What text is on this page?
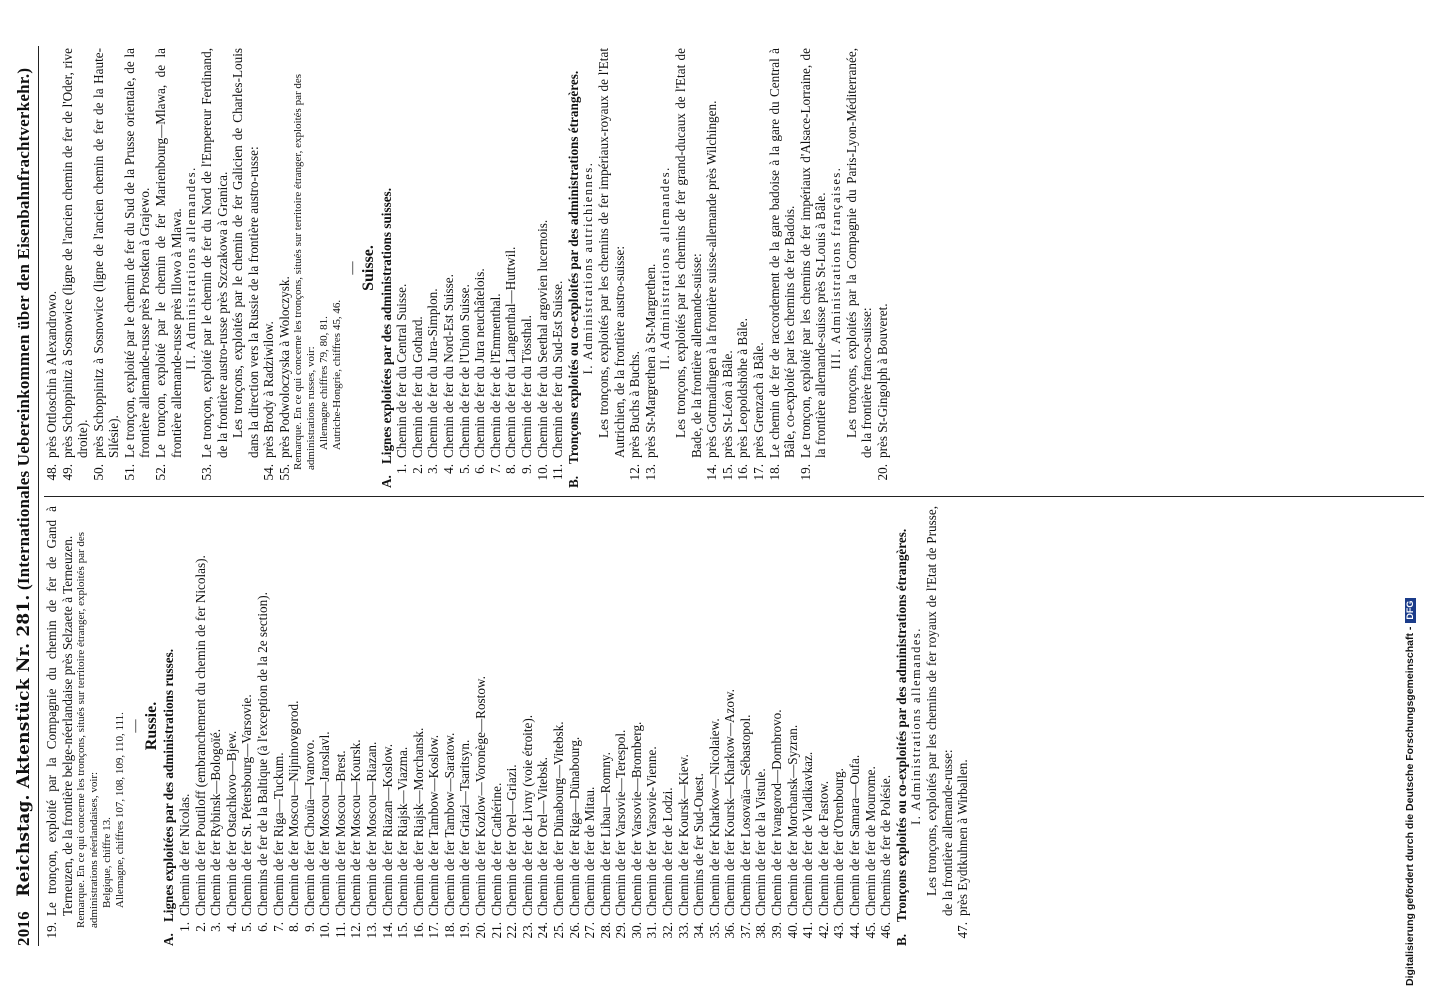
2016 Reichstag. Aktenstück Nr. 281. (Internationales Uebereinkommen über den Eisenbahnfrachtverkehr.)
19.
Le tronçon, exploité par la Compagnie du chemin de fer de Gand à Terneuzen, de la frontière belge-néerlandaise près Selzaete à Terneuzen. Remarque. En ce qui concerne les tronçons, situés sur territoire étranger, exploités par des administrations néerlandaises, voir: Belgique, chiffre 13. Allemagne, chiffres 107, 108, 109, 110, 111. — Russie.

A.
Lignes exploitées par des administrations russes.
1.
Chemin de fer Nicolas.
2.
Chemin de fer Poutiloff (embranchement du chemin de fer Nicolas).
3.
Chemin de fer Rybinsk—Bologoïé.
4.
Chemin de fer Ostachkovo—Bjew.
5.
Chemin de fer St. Pétersbourg—Varsovie.
6.
Chemins de fer de la Baltique (à l'exception de la 2e section).
7.
Chemin de fer Riga—Tuckum.
8.
Chemin de fer Moscou—Nijninovgorod.
9.
Chemin de fer Chouïa—Ivanovo.
10.
Chemin de fer Moscou—Jaroslavl.
11.
Chemin de fer Moscou—Brest.
12.
Chemin de fer Moscou—Koursk.
13.
Chemin de fer Moscou—Riazan.
14.
Chemin de fer Riazan—Koslow.
15.
Chemin de fer Riajsk—Viazma.
16.
Chemin de fer Riajsk—Morchansk.
17.
Chemin de fer Tambow—Koslow.
18.
Chemin de fer Tambow—Saratow.
19.
Chemin de fer Griazi—Tsaritsyn.
20.
Chemin de fer Kozlow—Voronège—Rostow.
21.
Chemin de fer Cathérine.
22.
Chemin de fer Orel—Griazi.
23.
Chemin de fer de Livny (voie étroite).
24.
Chemin de fer Orel—Vitebsk.
25.
Chemin de fer Dünabourg—Vitebsk.
26.
Chemin de fer Riga—Dünabourg.
27.
Chemin de fer de Mitau.
28.
Chemin de fer Libau—Romny.
29.
Chemin de fer Varsovie—Terespol.
30.
Chemin de fer Varsovie—Bromberg.
31.
Chemin de fer Varsovie-Vienne.
32.
Chemin de fer de Lodzi.
33.
Chemin de fer Koursk—Kiew.
34.
Chemins de fer Sud-Ouest.
35.
Chemin de fer Kharkow—Nicolaiew.
36.
Chemin de fer Koursk—Kharkow—Azow.
37.
Chemin de fer Losovaïa—Sébastopol.
38.
Chemin de fer de la Vistule.
39.
Chemin de fer Ivangorod—Dombrovo.
40.
Chemin de fer Morchansk—Syzran.
41.
Chemin de fer de Vladikavkaz.
42.
Chemin de fer de Fastow.
43.
Chemin de fer d'Orenbourg.
44.
Chemin de fer Samara—Oufa.
45.
Chemin de fer de Mourome.
46.
Chemins de fer de Polésie.
B.
Tronçons exploités ou co-exploités par des administrations étrangères. I. Administrations allemandes. Les tronçons, exploités par les chemins de fer royaux de l'Etat de Prusse, de la frontière allemande-russe:

47.
près Eydtkuhnen à Wirballen.
48.
près Ottloschin à Alexandrowo.
49.
près Schoppinitz à Sosnowice (ligne de l'ancien chemin de fer de l'Oder, rive droite).
50.
près Schoppinitz à Sosnowice (ligne de l'ancien chemin de fer de la Haute-Silésie).
51.
Le tronçon, exploité par le chemin de fer du Sud de la Prusse orientale, de la frontière allemande-russe près Prostken à Grajewo.
52.
Le tronçon, exploité par le chemin de fer Marienbourg—Mlawa, de la frontière allemande-russe près Illowo à Mlawa. II. Administrations allemandes.

53.
Le tronçon, exploité par le chemin de fer du Nord de l'Empereur Ferdinand, de la frontière austro-russe près Szczakowa à Granica. Les tronçons, exploités par le chemin de fer Galicien de Charles-Louis dans la direction vers la Russie de la frontière austro-russe:

54.
près Brody à Radziwilow.
55.
près Podwoloczyska à Woloczysk. Remarque. En ce qui concerne les tronçons, situés sur territoire étranger, exploités par des administrations russes, voir: Allemagne chiffres 79, 80, 81. Autriche-Hongrie, chiffres 45, 46.

— Suisse.

A.
Lignes exploitées par des administrations suisses.
1.
Chemin de fer du Central Suisse.
2.
Chemin de fer du Gothard.
3.
Chemin de fer du Jura-Simplon.
4.
Chemin de fer du Nord-Est Suisse.
5.
Chemin de fer de l'Union Suisse.
6.
Chemin de fer du Jura neuchâtelois.
7.
Chemin de fer de l'Emmenthal.
8.
Chemin de fer du Langenthal—Huttwil.
9.
Chemin de fer du Tössthal.
10.
Chemin de fer du Seethal argovien lucernois.
11.
Chemin de fer du Sud-Est Suisse.
B.
Tronçons exploités ou co-exploités par des administrations étrangères. I. Administrations autrichiennes. Les tronçons, exploités par les chemins de fer impériaux-royaux de l'Etat Autrichien, de la frontière austro-suisse:

12.
près Buchs à Buchs.
13.
près St-Margrethen à St-Margrethen. II. Administrations allemandes. Les tronçons, exploités par les chemins de fer grand-ducaux de l'Etat de Bade, de la frontière allemande-suisse:

14.
près Gottmadingen à la frontière suisse-allemande près Wilchingen.
15.
près St-Léon à Bâle.
16.
près Leopoldshöhe à Bâle.
17.
près Grenzach à Bâle.
18.
Le chemin de fer de raccordement de la gare badoise à la gare du Central à Bâle, co-exploité par les chemins de fer Badois.
19.
Le tronçon, exploité par les chemins de fer impériaux d'Alsace-Lorraine, de la frontière allemande-suisse près St-Louis à Bâle. III. Administrations françaises. Les tronçons, exploités par la Compagnie du Paris-Lyon-Méditerranée, de la frontière franco-suisse:

20.
près St-Gingolph à Bouveret.
Digitalisierung gefördert durch die Deutsche Forschungsgemeinschaft -DFG
